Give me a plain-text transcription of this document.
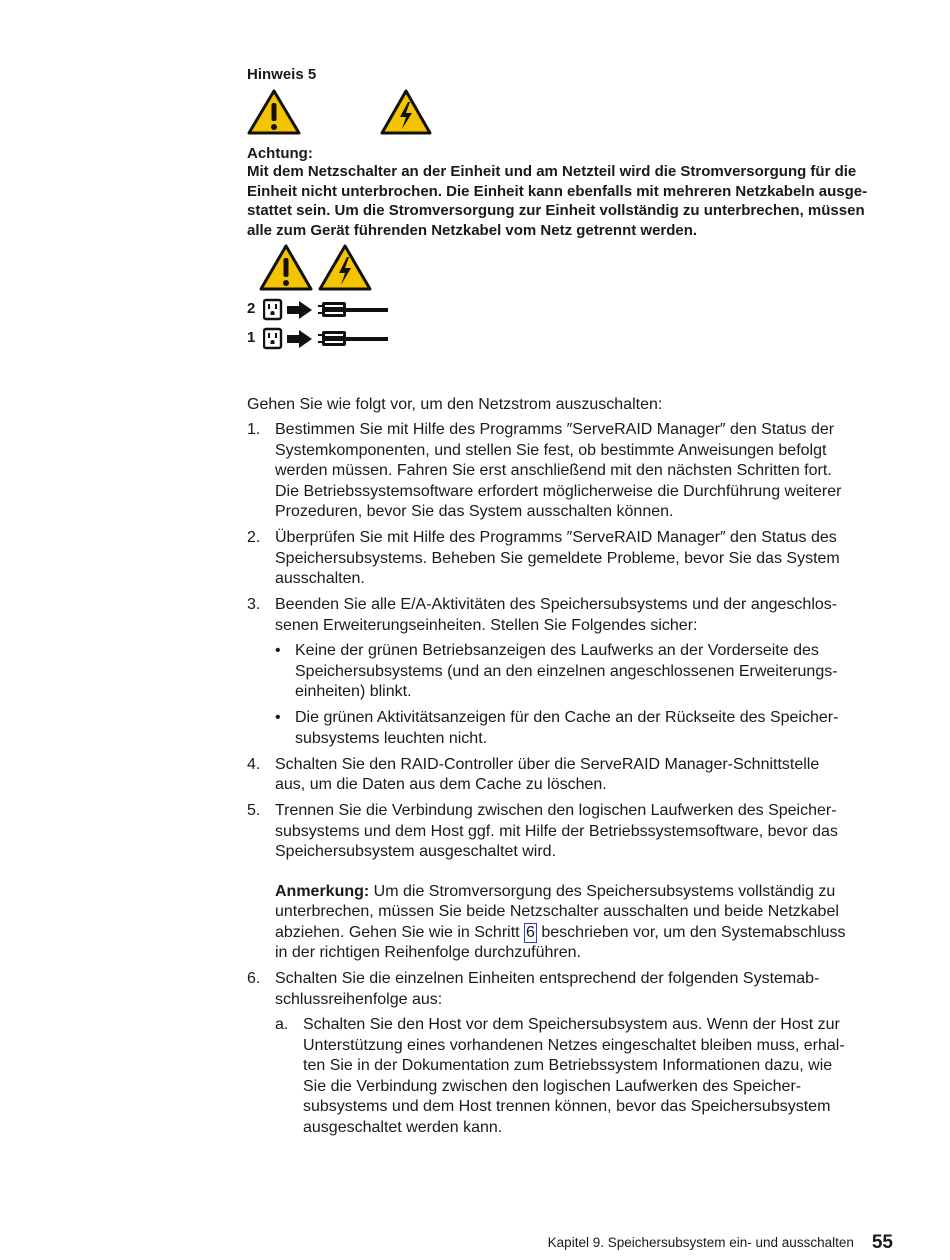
Hinweis 5
Achtung:
Mit dem Netzschalter an der Einheit und am Netzteil wird die Stromversorgung für die
Einheit nicht unterbrochen. Die Einheit kann ebenfalls mit mehreren Netzkabeln ausge-
stattet sein. Um die Stromversorgung zur Einheit vollständig zu unterbrechen, müssen
alle zum Gerät führenden Netzkabel vom Netz getrennt werden.
2
1
Gehen Sie wie folgt vor, um den Netzstrom auszuschalten:
1. Bestimmen Sie mit Hilfe des Programms ″ServeRAID Manager″ den Status der
Systemkomponenten, und stellen Sie fest, ob bestimmte Anweisungen befolgt
werden müssen. Fahren Sie erst anschließend mit den nächsten Schritten fort.
Die Betriebssystemsoftware erfordert möglicherweise die Durchführung weiterer
Prozeduren, bevor Sie das System ausschalten können.
2. Überprüfen Sie mit Hilfe des Programms ″ServeRAID Manager″ den Status des
Speichersubsystems. Beheben Sie gemeldete Probleme, bevor Sie das System
ausschalten.
3. Beenden Sie alle E/A-Aktivitäten des Speichersubsystems und der angeschlos-
senen Erweiterungseinheiten. Stellen Sie Folgendes sicher:
• Keine der grünen Betriebsanzeigen des Laufwerks an der Vorderseite des
Speichersubsystems (und an den einzelnen angeschlossenen Erweiterungs-
einheiten) blinkt.
• Die grünen Aktivitätsanzeigen für den Cache an der Rückseite des Speicher-
subsystems leuchten nicht.
4. Schalten Sie den RAID-Controller über die ServeRAID Manager-Schnittstelle
aus, um die Daten aus dem Cache zu löschen.
5. Trennen Sie die Verbindung zwischen den logischen Laufwerken des Speicher-
subsystems und dem Host ggf. mit Hilfe der Betriebssystemsoftware, bevor das
Speichersubsystem ausgeschaltet wird.
Anmerkung: Um die Stromversorgung des Speichersubsystems vollständig zu
unterbrechen, müssen Sie beide Netzschalter ausschalten und beide Netzkabel
abziehen. Gehen Sie wie in Schritt 6 beschrieben vor, um den Systemabschluss
in der richtigen Reihenfolge durchzuführen.
6. Schalten Sie die einzelnen Einheiten entsprechend der folgenden Systemab-
schlussreihenfolge aus:
a. Schalten Sie den Host vor dem Speichersubsystem aus. Wenn der Host zur
Unterstützung eines vorhandenen Netzes eingeschaltet bleiben muss, erhal-
ten Sie in der Dokumentation zum Betriebssystem Informationen dazu, wie
Sie die Verbindung zwischen den logischen Laufwerken des Speicher-
subsystems und dem Host trennen können, bevor das Speichersubsystem
ausgeschaltet werden kann.
Kapitel 9. Speichersubsystem ein- und ausschalten 55
